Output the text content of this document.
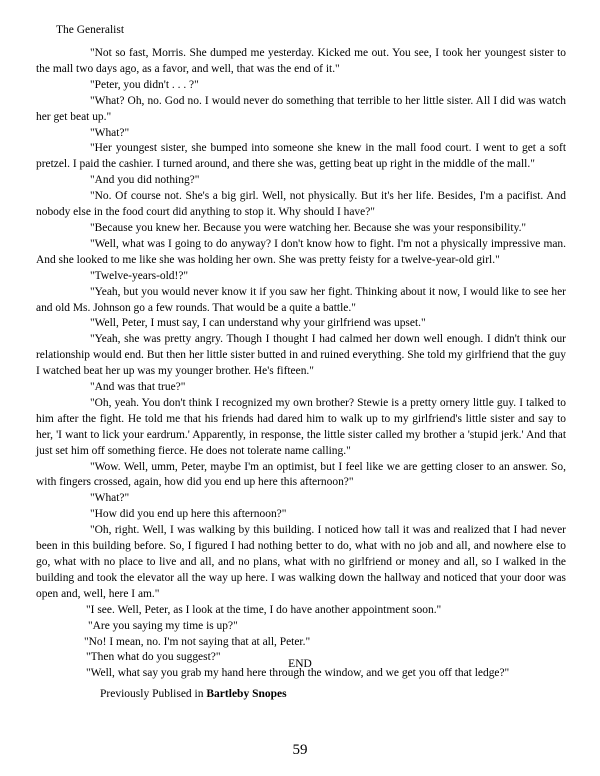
The Generalist

"Not so fast, Morris. She dumped me yesterday. Kicked me out. You see, I took her youngest sister to the mall two days ago, as a favor, and well, that was the end of it."

"Peter, you didn't . . . ?"

"What? Oh, no. God no. I would never do something that terrible to her little sister. All I did was watch her get beat up."

"What?"

"Her youngest sister, she bumped into someone she knew in the mall food court. I went to get a soft pretzel. I paid the cashier. I turned around, and there she was, getting beat up right in the middle of the mall."

"And you did nothing?"

"No. Of course not. She's a big girl. Well, not physically. But it's her life. Besides, I'm a pacifist. And nobody else in the food court did anything to stop it. Why should I have?"

"Because you knew her. Because you were watching her. Because she was your responsibility."

"Well, what was I going to do anyway? I don't know how to fight. I'm not a physically impressive man. And she looked to me like she was holding her own. She was pretty feisty for a twelve-year-old girl."

"Twelve-years-old!?"

"Yeah, but you would never know it if you saw her fight. Thinking about it now, I would like to see her and old Ms. Johnson go a few rounds. That would be a quite a battle."

"Well, Peter, I must say, I can understand why your girlfriend was upset."

"Yeah, she was pretty angry. Though I thought I had calmed her down well enough. I didn't think our relationship would end. But then her little sister butted in and ruined everything. She told my girlfriend that the guy I watched beat her up was my younger brother. He's fifteen."

"And was that true?"

"Oh, yeah. You don't think I recognized my own brother? Stewie is a pretty ornery little guy. I talked to him after the fight. He told me that his friends had dared him to walk up to my girlfriend's little sister and say to her, 'I want to lick your eardrum.' Apparently, in response, the little sister called my brother a 'stupid jerk.' And that just set him off something fierce. He does not tolerate name calling."

"Wow. Well, umm, Peter, maybe I'm an optimist, but I feel like we are getting closer to an answer. So, with fingers crossed, again, how did you end up here this afternoon?"

"What?"

"How did you end up here this afternoon?"

"Oh, right. Well, I was walking by this building. I noticed how tall it was and realized that I had never been in this building before. So, I figured I had nothing better to do, what with no job and all, and nowhere else to go, what with no place to live and all, and no plans, what with no girlfriend or money and all, so I walked in the building and took the elevator all the way up here. I was walking down the hallway and noticed that your door was open and, well, here I am."

"I see. Well, Peter, as I look at the time, I do have another appointment soon."

"Are you saying my time is up?"

"No! I mean, no. I'm not saying that at all, Peter."

"Then what do you suggest?"

"Well, what say you grab my hand here through the window, and we get you off that ledge?"

END
Previously Publised in Bartleby Snopes
59
